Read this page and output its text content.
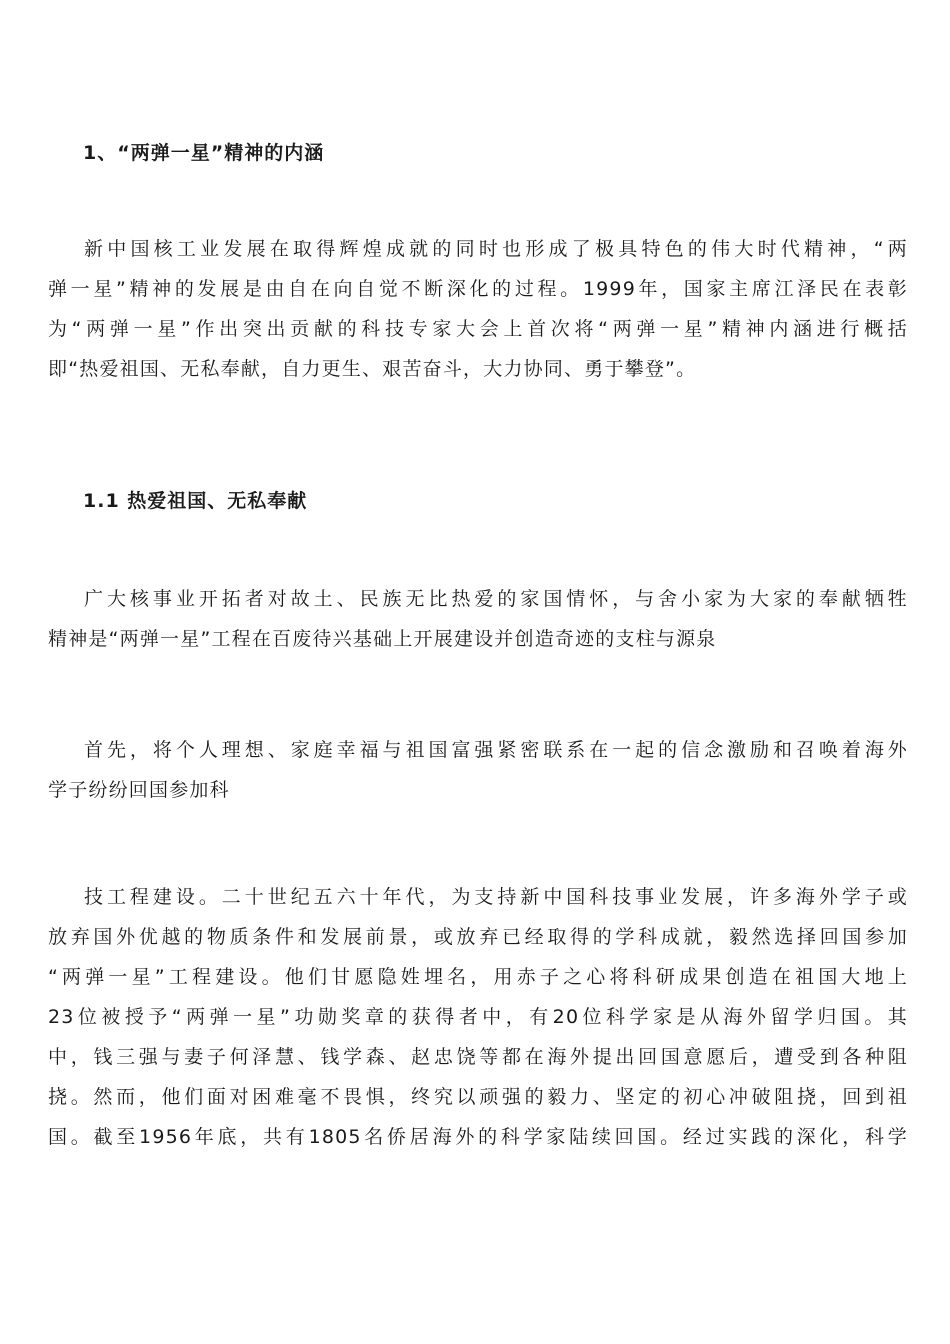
1、“两弹一星”精神的内涵
新中国核工业发展在取得辉煌成就的同时也形成了极具特色的伟大时代精神，“两
弹一星”精神的发展是由自在向自觉不断深化的过程。1999年，国家主席江泽民在表彰
为“两弹一星”作出突出贡献的科技专家大会上首次将“两弹一星”精神内涵进行概括
即“热爱祖国、无私奉献，自力更生、艰苦奋斗，大力协同、勇于攀登”。
1.1 热爱祖国、无私奉献
广大核事业开拓者对故土、民族无比热爱的家国情怀，与舍小家为大家的奉献牺牲
精神是“两弹一星”工程在百废待兴基础上开展建设并创造奇迹的支柱与源泉
首先，将个人理想、家庭幸福与祖国富强紧密联系在一起的信念激励和召唤着海外
学子纷纷回国参加科
技工程建设。二十世纪五六十年代，为支持新中国科技事业发展，许多海外学子或
放弃国外优越的物质条件和发展前景，或放弃已经取得的学科成就，毅然选择回国参加
“两弹一星”工程建设。他们甘愿隐姓埋名，用赤子之心将科研成果创造在祖国大地上
23位被授予“两弹一星”功勋奖章的获得者中，有20位科学家是从海外留学归国。其
中，钱三强与妻子何泽慧、钱学森、赵忠饶等都在海外提出回国意愿后，遭受到各种阻
挠。然而，他们面对困难毫不畏惧，终究以顽强的毅力、坚定的初心冲破阻挠，回到祖
国。截至1956年底，共有1805名侨居海外的科学家陆续回国。经过实践的深化，科学
